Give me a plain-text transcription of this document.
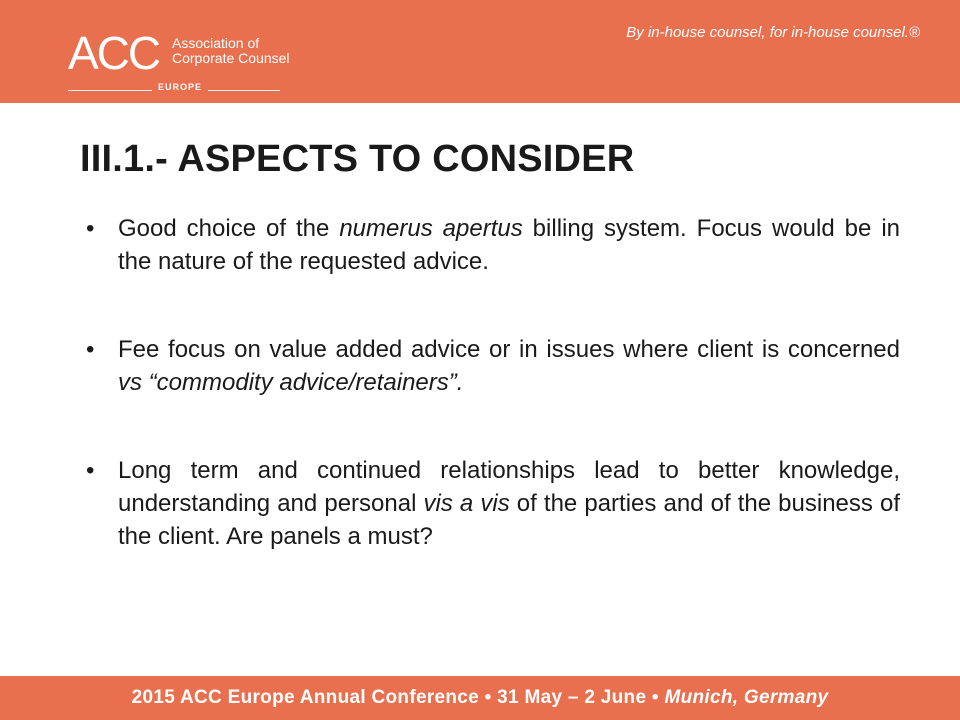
ACC Association of
Corporate Counsel
EUROPE
By in-house counsel, for in-house counsel.®
III.1.- ASPECTS TO CONSIDER
• Good choice of the numerus apertus billing system. Focus would be in the nature of the requested advice.
• Fee focus on value added advice or in issues where client is concerned vs “commodity advice/retainers”.
• Long term and continued relationships lead to better knowledge, understanding and personal vis a vis of the parties and of the business of the client. Are panels a must?
2015 ACC Europe Annual Conference • 31 May – 2 June •
Munich, Germany
